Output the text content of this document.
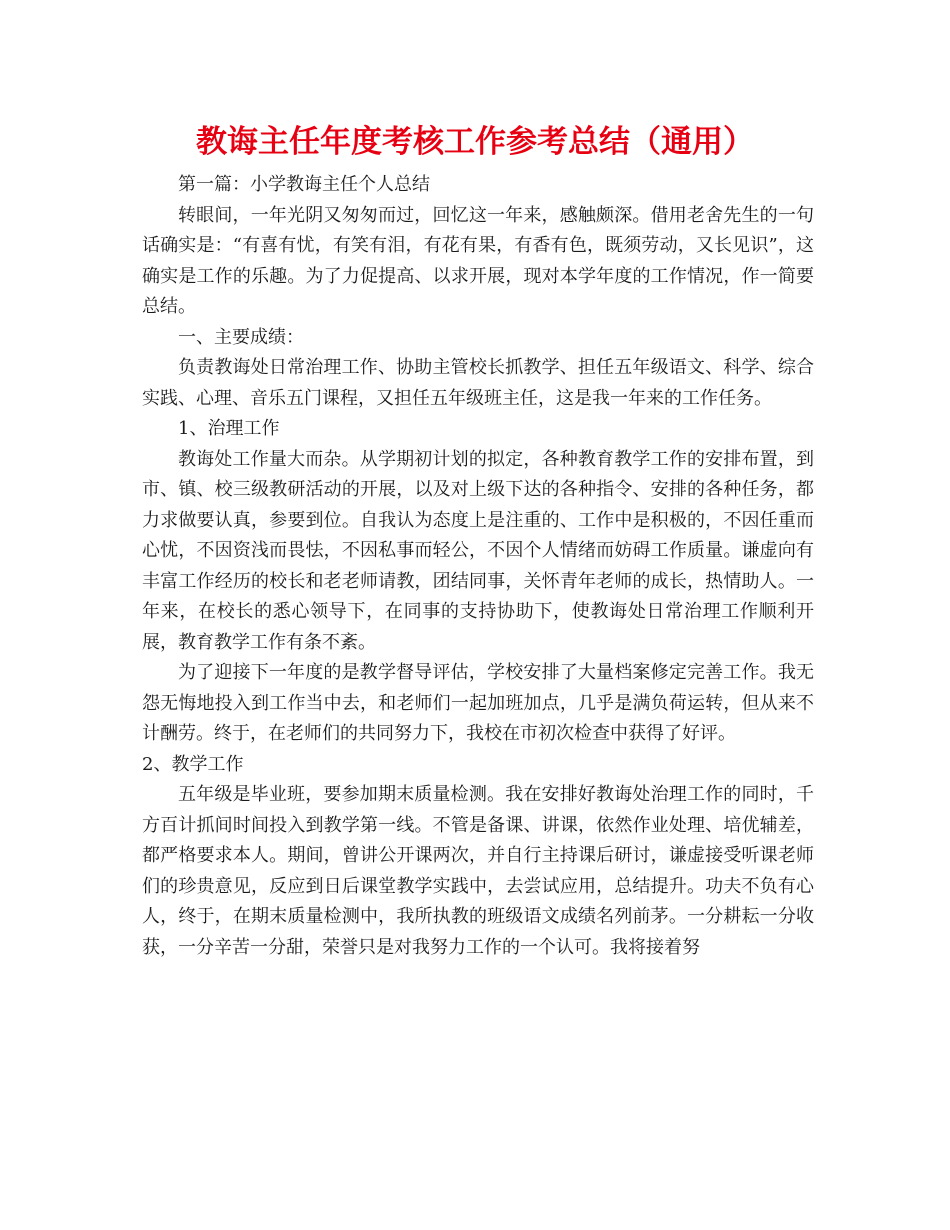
教诲主任年度考核工作参考总结（通用）

第一篇：小学教诲主任个人总结

转眼间，一年光阴又匆匆而过，回忆这一年来，感触颇深。借用老舍先生的一句话确实是：“有喜有忧，有笑有泪，有花有果，有香有色，既须劳动，又长见识”，这确实是工作的乐趣。为了力促提高、以求开展，现对本学年度的工作情况，作一简要总结。

一、主要成绩：

负责教诲处日常治理工作、协助主管校长抓教学、担任五年级语文、科学、综合实践、心理、音乐五门课程，又担任五年级班主任，这是我一年来的工作任务。

1、治理工作

教诲处工作量大而杂。从学期初计划的拟定，各种教育教学工作的安排布置，到市、镇、校三级教研活动的开展，以及对上级下达的各种指令、安排的各种任务，都力求做要认真，参要到位。自我认为态度上是注重的、工作中是积极的，不因任重而心忧，不因资浅而畏怯，不因私事而轻公，不因个人情绪而妨碍工作质量。谦虚向有丰富工作经历的校长和老老师请教，团结同事，关怀青年老师的成长，热情助人。一年来，在校长的悉心领导下，在同事的支持协助下，使教诲处日常治理工作顺利开展，教育教学工作有条不紊。

为了迎接下一年度的是教学督导评估，学校安排了大量档案修定完善工作。我无怨无悔地投入到工作当中去，和老师们一起加班加点，几乎是满负荷运转，但从来不计酬劳。终于，在老师们的共同努力下，我校在市初次检查中获得了好评。

2、教学工作

五年级是毕业班，要参加期末质量检测。我在安排好教诲处治理工作的同时，千方百计抓间时间投入到教学第一线。不管是备课、讲课，依然作业处理、培优辅差，都严格要求本人。期间，曾讲公开课两次，并自行主持课后研讨，谦虚接受听课老师们的珍贵意见，反应到日后课堂教学实践中，去尝试应用，总结提升。功夫不负有心人，终于，在期末质量检测中，我所执教的班级语文成绩名列前茅。一分耕耘一分收获，一分辛苦一分甜，荣誉只是对我努力工作的一个认可。我将接着努
